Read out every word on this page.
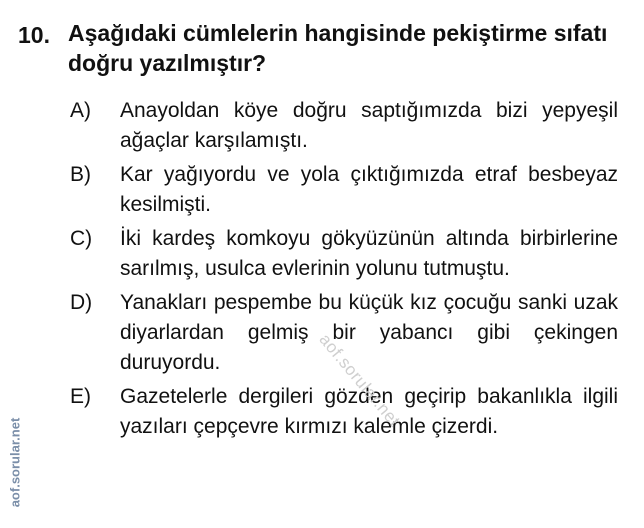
10. Aşağıdaki cümlelerin hangisinde pekiştirme sıfatı doğru yazılmıştır?
A)	Anayoldan köye doğru saptığımızda bizi yepyeşil ağaçlar karşılamıştı.
B)	Kar yağıyordu ve yola çıktığımızda etraf besbeyaz kesilmişti.
C)	İki kardeş komkoyu gökyüzünün altında birbirlerine sarılmış, usulca evlerinin yolunu tutmuştu.
D)	Yanakları pespembe bu küçük kız çocuğu sanki uzak diyarlardan gelmiş bir yabancı gibi çekingen duruyordu.
E)	Gazetelerle dergileri gözden geçirip bakanlıkla ilgili yazıları çepçevre kırmızı kalemle çizerdi.
aof.sorular.net
aof.sorular.net
